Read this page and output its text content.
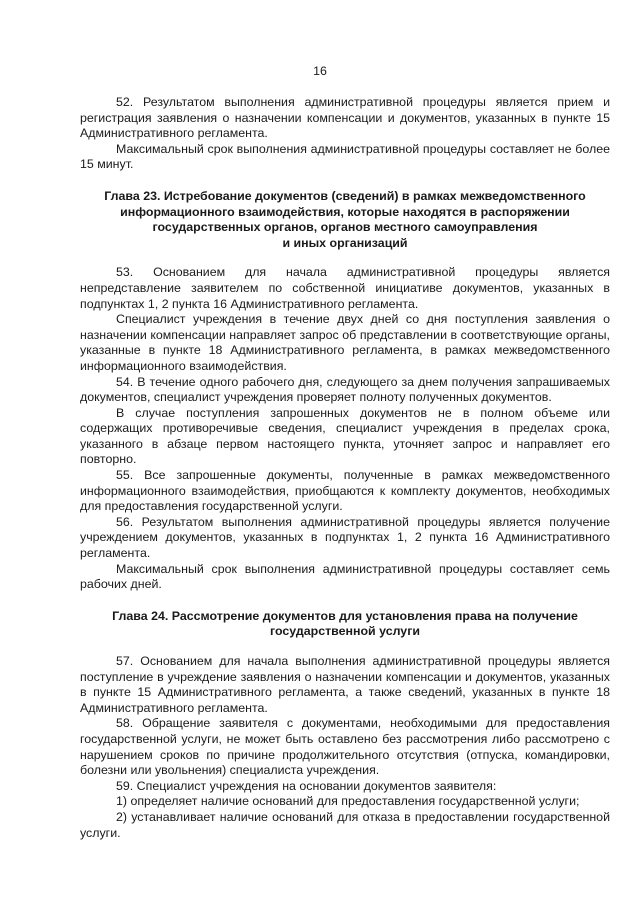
16

52. Результатом выполнения административной процедуры является прием и регистрация заявления о назначении компенсации и документов, указанных в пункте 15 Административного регламента.

Максимальный срок выполнения административной процедуры составляет не более 15 минут.

Глава 23. Истребование документов (сведений) в рамках межведомственного
информационного взаимодействия, которые находятся в распоряжении
государственных органов, органов местного самоуправления
и иных организаций

53. Основанием для начала административной процедуры является непредставление заявителем по собственной инициативе документов, указанных в подпунктах 1, 2 пункта 16 Административного регламента.

Специалист учреждения в течение двух дней со дня поступления заявления о назначении компенсации направляет запрос об представлении в соответствующие органы, указанные в пункте 18 Административного регламента, в рамках межведомственного информационного взаимодействия.

54. В течение одного рабочего дня, следующего за днем получения запрашиваемых документов, специалист учреждения проверяет полноту полученных документов.

В случае поступления запрошенных документов не в полном объеме или содержащих противоречивые сведения, специалист учреждения в пределах срока, указанного в абзаце первом настоящего пункта, уточняет запрос и направляет его повторно.

55. Все запрошенные документы, полученные в рамках межведомственного информационного взаимодействия, приобщаются к комплекту документов, необходимых для предоставления государственной услуги.

56. Результатом выполнения административной процедуры является получение учреждением документов, указанных в подпунктах 1, 2 пункта 16 Административного регламента.

Максимальный срок выполнения административной процедуры составляет семь рабочих дней.

Глава 24. Рассмотрение документов для установления права на получение
государственной услуги

57. Основанием для начала выполнения административной процедуры является поступление в учреждение заявления о назначении компенсации и документов, указанных в пункте 15 Административного регламента, а также сведений, указанных в пункте 18 Административного регламента.

58. Обращение заявителя с документами, необходимыми для предоставления государственной услуги, не может быть оставлено без рассмотрения либо рассмотрено с нарушением сроков по причине продолжительного отсутствия (отпуска, командировки, болезни или увольнения) специалиста учреждения.

59. Специалист учреждения на основании документов заявителя:

1) определяет наличие оснований для предоставления государственной услуги;

2) устанавливает наличие оснований для отказа в предоставлении государственной услуги.
